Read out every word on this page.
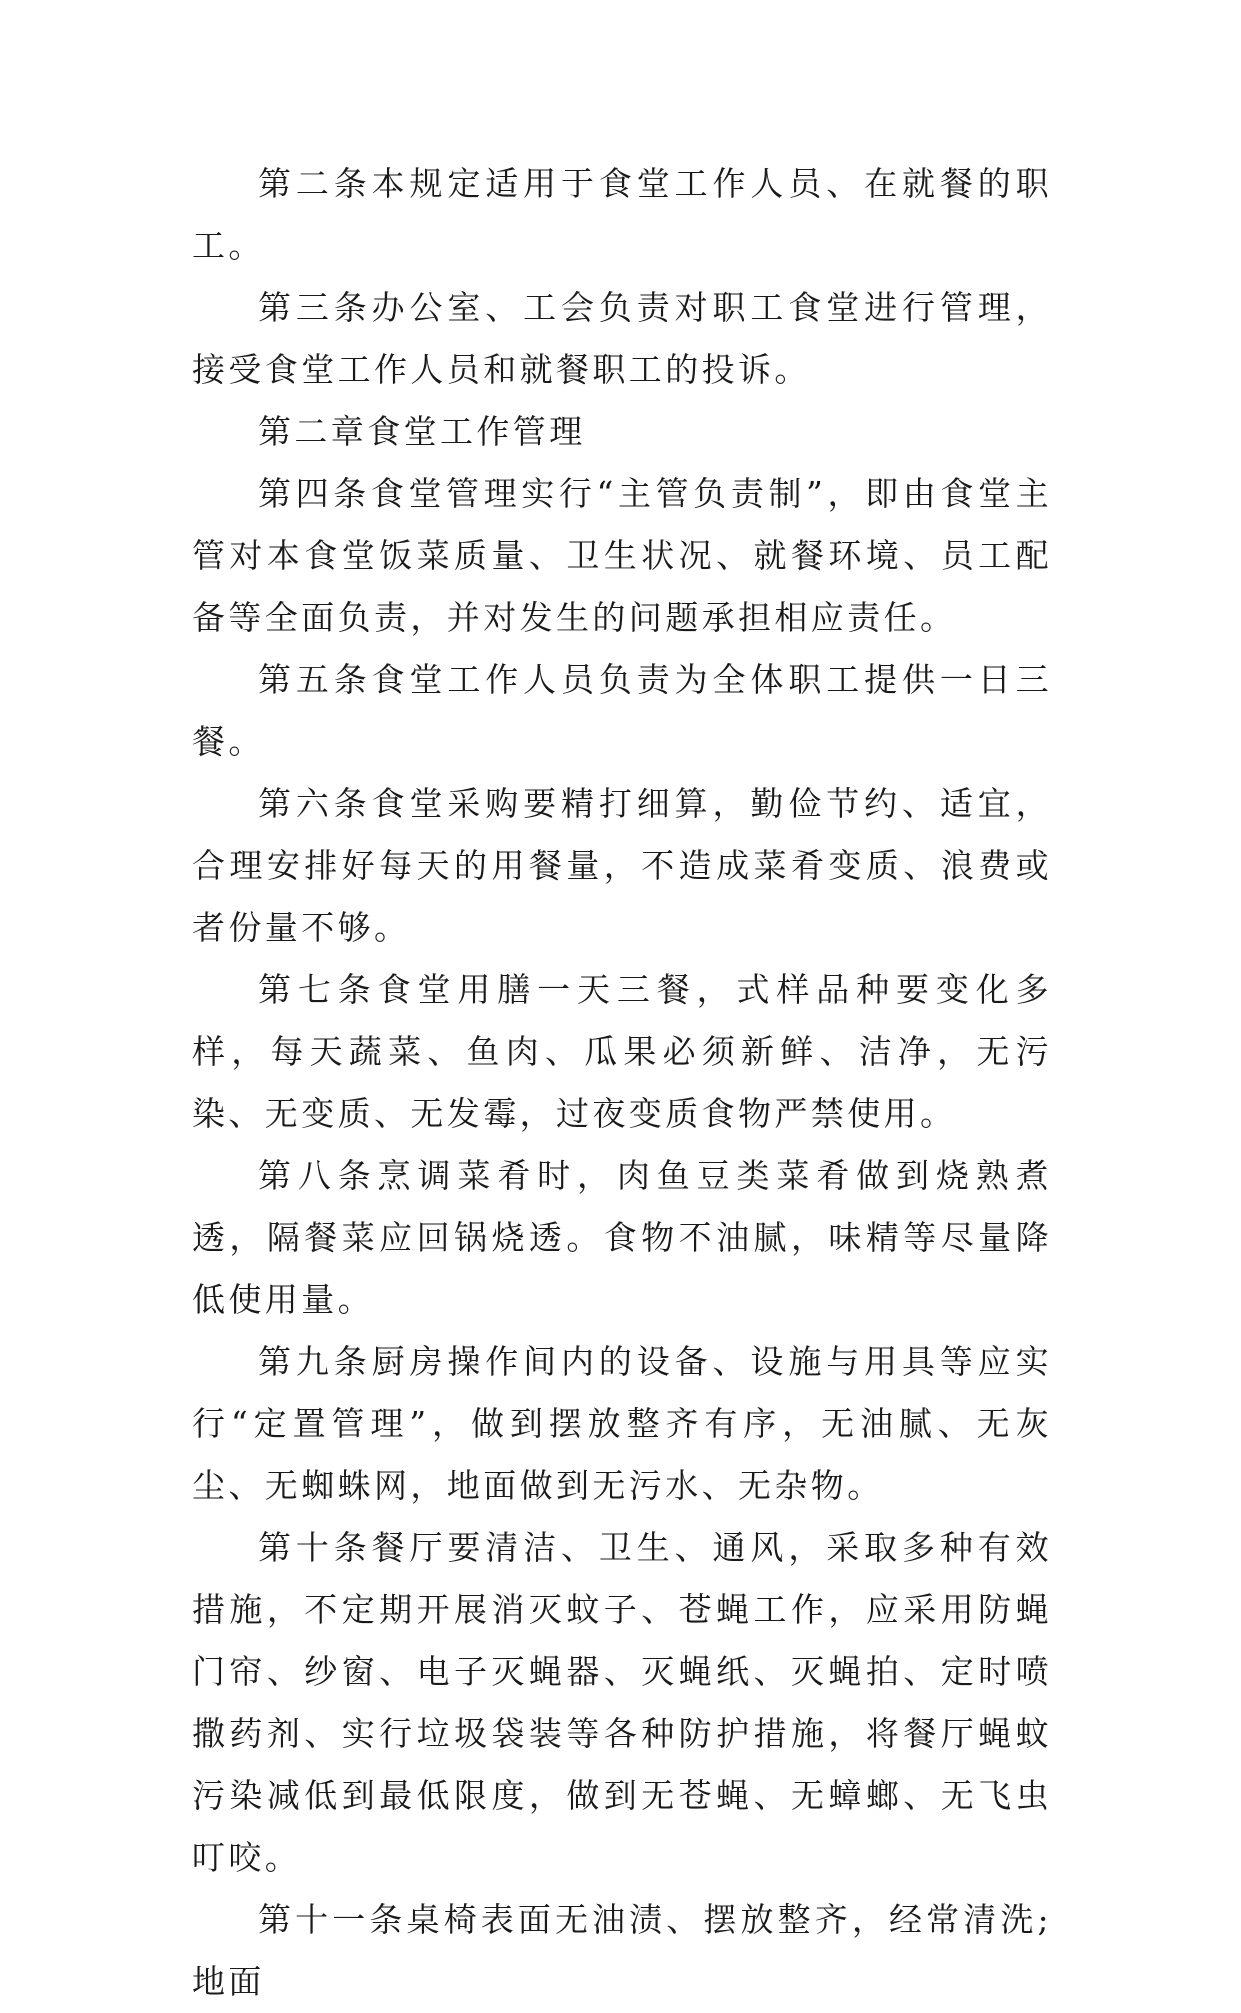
第二条本规定适用于食堂工作人员、在就餐的职工。

第三条办公室、工会负责对职工食堂进行管理，接受食堂工作人员和就餐职工的投诉。

第二章食堂工作管理

第四条食堂管理实行“主管负责制”，即由食堂主管对本食堂饭菜质量、卫生状况、就餐环境、员工配备等全面负责，并对发生的问题承担相应责任。

第五条食堂工作人员负责为全体职工提供一日三餐。

第六条食堂采购要精打细算，勤俭节约、适宜，合理安排好每天的用餐量，不造成菜肴变质、浪费或者份量不够。

第七条食堂用膳一天三餐，式样品种要变化多样，每天蔬菜、鱼肉、瓜果必须新鲜、洁净，无污染、无变质、无发霉，过夜变质食物严禁使用。

第八条烹调菜肴时，肉鱼豆类菜肴做到烧熟煮透，隔餐菜应回锅烧透。食物不油腻，味精等尽量降低使用量。

第九条厨房操作间内的设备、设施与用具等应实行“定置管理”，做到摆放整齐有序，无油腻、无灰尘、无蜘蛛网，地面做到无污水、无杂物。

第十条餐厅要清洁、卫生、通风，采取多种有效措施，不定期开展消灭蚊子、苍蝇工作，应采用防蝇门帘、纱窗、电子灭蝇器、灭蝇纸、灭蝇拍、定时喷撒药剂、实行垃圾袋装等各种防护措施，将餐厅蝇蚊污染减低到最低限度，做到无苍蝇、无蟑螂、无飞虫叮咬。

第十一条桌椅表面无油渍、摆放整齐，经常清洗;地面
